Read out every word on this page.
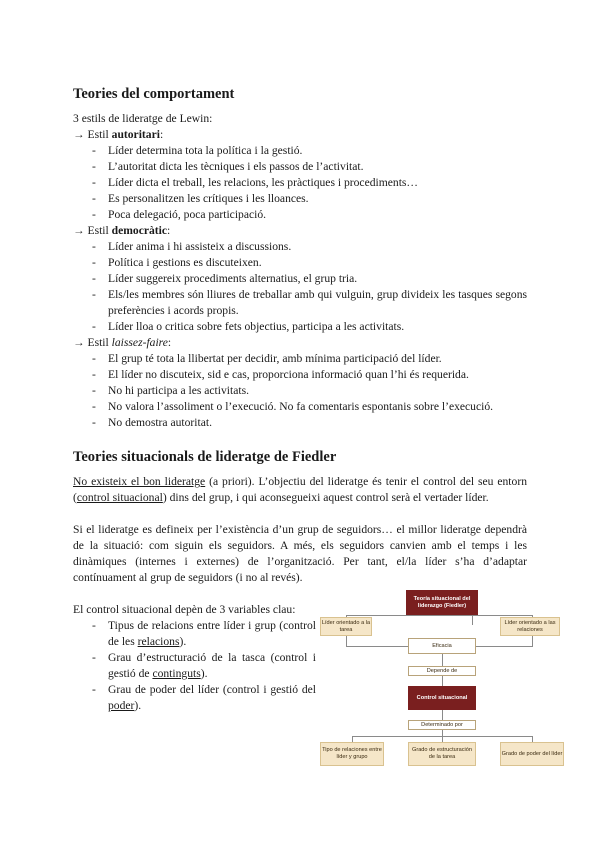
Teories del comportament
3 estils de lideratge de Lewin:
→ Estil autoritari:
- Líder determina tota la política i la gestió.
- L’autoritat dicta les tècniques i els passos de l’activitat.
- Líder dicta el treball, les relacions, les pràctiques i procediments…
- Es personalitzen les crítiques i les lloances.
- Poca delegació, poca participació.
→ Estil democràtic:
- Líder anima i hi assisteix a discussions.
- Política i gestions es discuteixen.
- Líder suggereix procediments alternatius, el grup tria.
- Els/les membres són lliures de treballar amb qui vulguin, grup divideix les tasques segons preferències i acords propis.
- Líder lloa o critica sobre fets objectius, participa a les activitats.
→ Estil laissez-faire:
- El grup té tota la llibertat per decidir, amb mínima participació del líder.
- El líder no discuteix, sid e cas, proporciona informació quan l’hi és requerida.
- No hi participa a les activitats.
- No valora l’assoliment o l’execució. No fa comentaris espontanis sobre l’execució.
- No demostra autoritat.
Teories situacionals de lideratge de Fiedler
No existeix el bon lideratge (a priori). L’objectiu del lideratge és tenir el control del seu entorn (control situacional) dins del grup, i qui aconsegueixi aquest control serà el vertader líder.
Si el lideratge es defineix per l’existència d’un grup de seguidors… el millor lideratge dependrà de la situació: com siguin els seguidors. A més, els seguidors canvien amb el temps i les dinàmiques (internes i externes) de l’organització. Per tant, el/la líder s’ha d’adaptar contínuament al grup de seguidors (i no al revés).
El control situacional depèn de 3 variables clau:
- Tipus de relacions entre líder i grup (control de les relacions).
- Grau d’estructuració de la tasca (control i gestió de continguts).
- Grau de poder del líder (control i gestió del poder).
Teoría situacional del liderazgo (Fiedler)
Líder orientado a la tarea
Líder orientado a las relaciones
Eficacia
Depende de
Control situacional
Determinado por
Tipo de relaciones entre líder y grupo
Grado de estructuración de la tarea
Grado de poder del líder
